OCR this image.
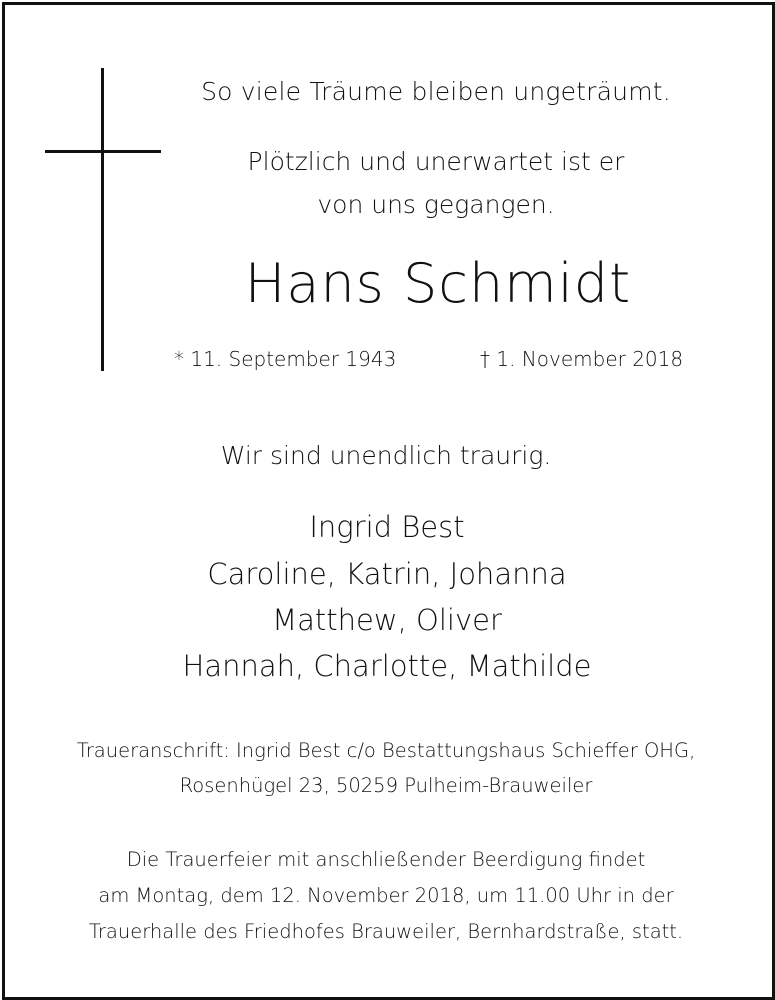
So viele Träume bleiben ungeträumt.
Plötzlich und unerwartet ist er
von uns gegangen.
Hans Schmidt
* 11. September 1943	† 1. November 2018
Wir sind unendlich traurig.
Ingrid Best
Caroline, Katrin, Johanna
Matthew, Oliver
Hannah, Charlotte, Mathilde
Traueranschrift: Ingrid Best c/o Bestattungshaus Schieffer OHG,
Rosenhügel 23, 50259 Pulheim-Brauweiler
Die Trauerfeier mit anschließender Beerdigung findet
am Montag, dem 12. November 2018, um 11.00 Uhr in der
Trauerhalle des Friedhofes Brauweiler, Bernhardstraße, statt.
